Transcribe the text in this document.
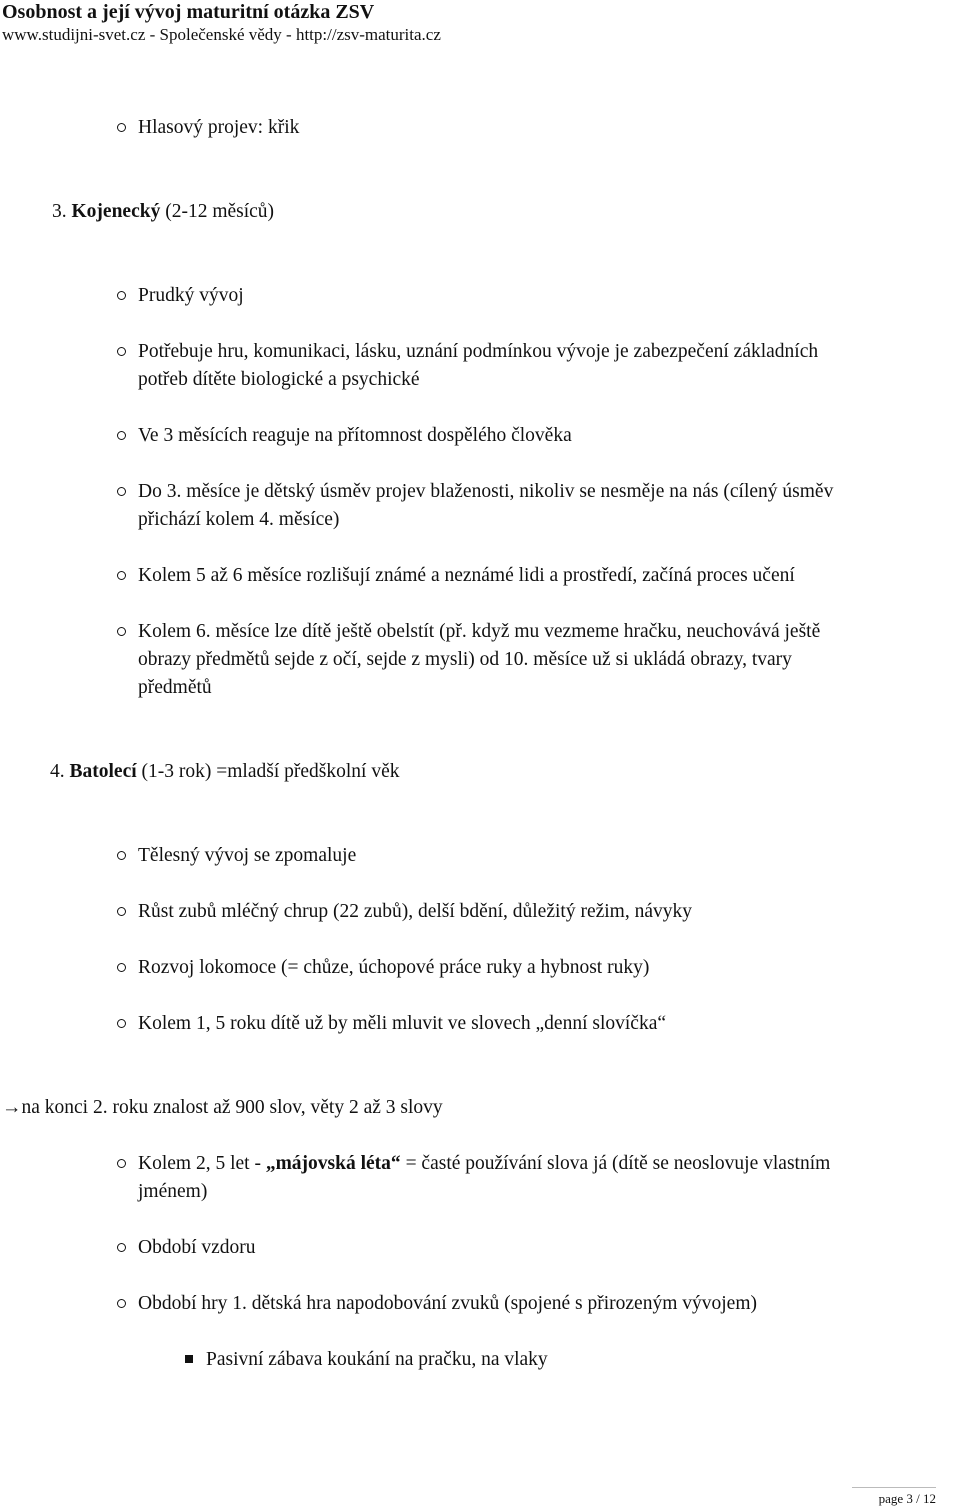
Osobnost a její vývoj maturitní otázka ZSV

www.studijni-svet.cz - Společenské vědy - http://zsv-maturita.cz

Hlasový projev: křik
3. Kojenecký (2-12 měsíců)
Prudký vývoj
Potřebuje hru, komunikaci, lásku, uznání podmínkou vývoje je zabezpečení základních
potřeb dítěte biologické a psychické
Ve 3 měsících reaguje na přítomnost dospělého člověka
Do 3. měsíce je dětský úsměv projev blaženosti, nikoliv se nesměje na nás (cílený úsměv
přichází kolem 4. měsíce)
Kolem 5 až 6 měsíce rozlišují známé a neznámé lidi a prostředí, začíná proces učení
Kolem 6. měsíce lze dítě ještě obelstít (př. když mu vezmeme hračku, neuchovává ještě
obrazy předmětů sejde z očí, sejde z mysli) od 10. měsíce už si ukládá obrazy, tvary
předmětů
4. Batolecí (1-3 rok) =mladší předškolní věk
Tělesný vývoj se zpomaluje
Růst zubů mléčný chrup (22 zubů), delší bdění, důležitý režim, návyky
Rozvoj lokomoce (= chůze, úchopové práce ruky a hybnost ruky)
Kolem 1, 5 roku dítě už by měli mluvit ve slovech „denní slovíčka“
→na konci 2. roku znalost až 900 slov, věty 2 až 3 slovy
Kolem 2, 5 let - „májovská léta“ = časté používání slova já (dítě se neoslovuje vlastním
jménem)
Období vzdoru
Období hry 1. dětská hra napodobování zvuků (spojené s přirozeným vývojem)
Pasivní zábava koukání na pračku, na vlaky
page 3 / 12
